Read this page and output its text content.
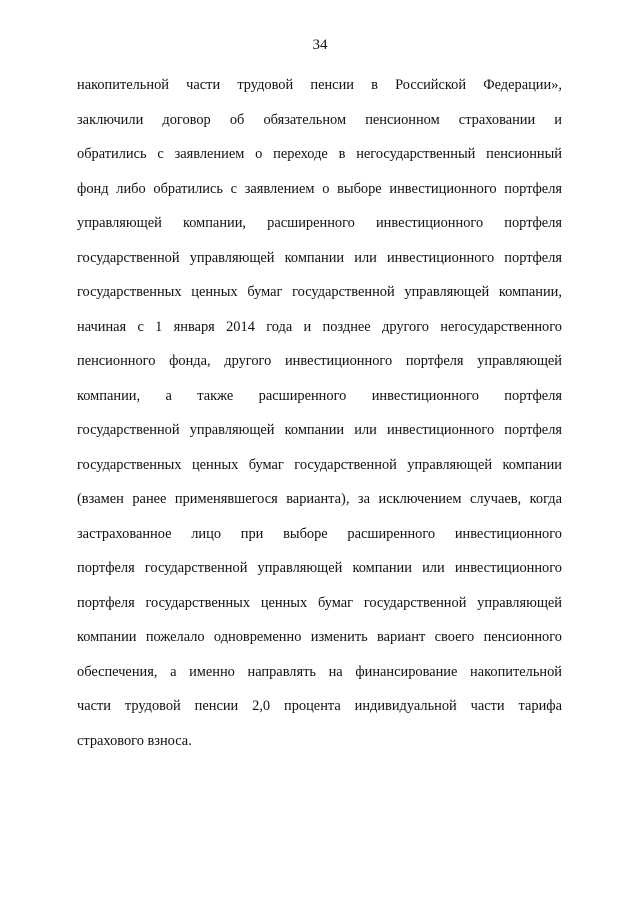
34
накопительной части трудовой пенсии в Российской Федерации»,
заключили договор об обязательном пенсионном страховании и
обратились с заявлением о переходе в негосударственный пенсионный
фонд либо обратились с заявлением о выборе инвестиционного портфеля
управляющей компании, расширенного инвестиционного портфеля
государственной управляющей компании или инвестиционного портфеля
государственных ценных бумаг государственной управляющей компании,
начиная с 1 января 2014 года и позднее другого негосударственного
пенсионного фонда, другого инвестиционного портфеля управляющей
компании, а также расширенного инвестиционного портфеля
государственной управляющей компании или инвестиционного портфеля
государственных ценных бумаг государственной управляющей компании
(взамен ранее применявшегося варианта), за исключением случаев, когда
застрахованное лицо при выборе расширенного инвестиционного
портфеля государственной управляющей компании или инвестиционного
портфеля государственных ценных бумаг государственной управляющей
компании пожелало одновременно изменить вариант своего пенсионного
обеспечения, а именно направлять на финансирование накопительной
части трудовой пенсии 2,0 процента индивидуальной части тарифа
страхового взноса.
